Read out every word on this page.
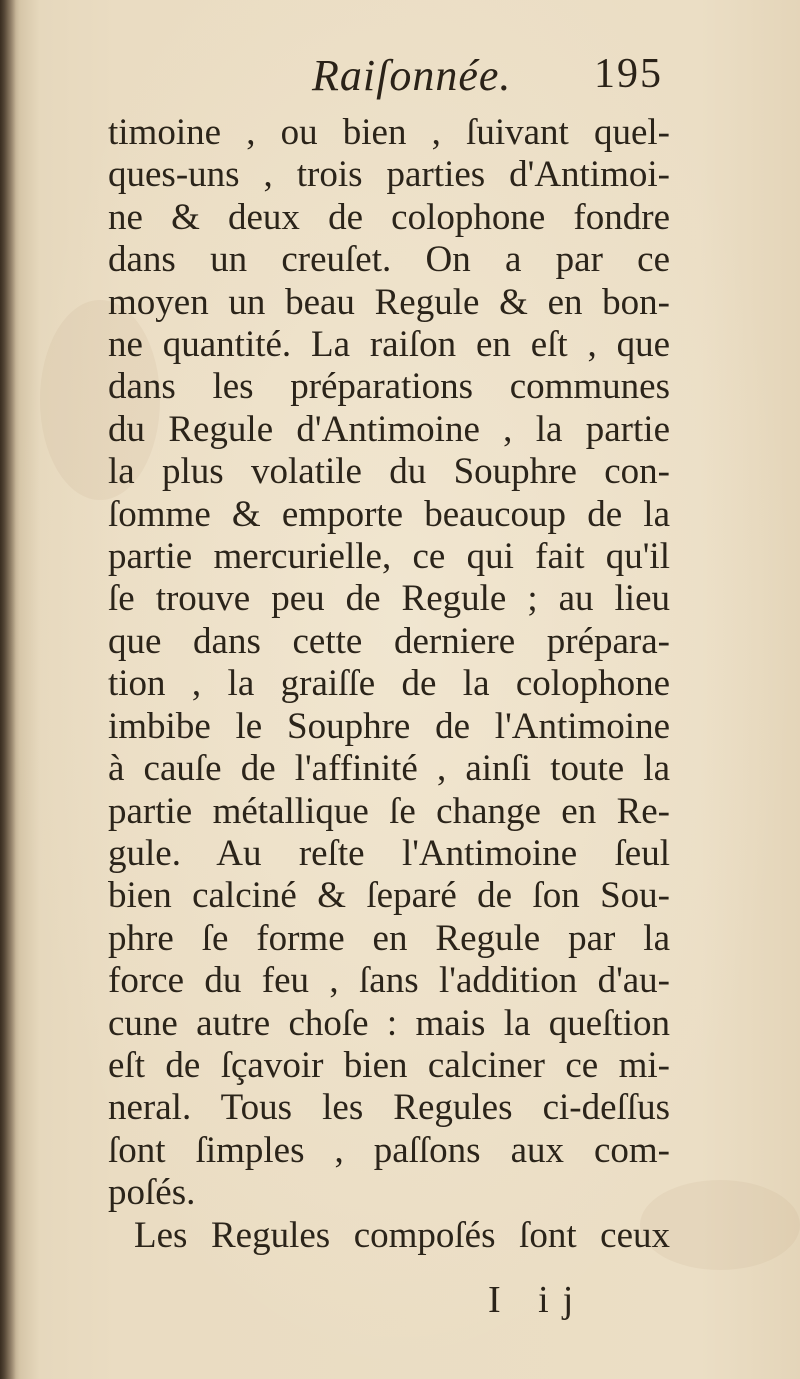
Raiſonnée. 195
timoine , ou bien , ſuivant quel-
ques-uns , trois parties d'Antimoi-
ne & deux de colophone fondre
dans un creuſet. On a par ce
moyen un beau Regule & en bon-
ne quantité. La raiſon en eſt , que
dans les préparations communes
du Regule d'Antimoine , la partie
la plus volatile du Souphre con-
ſomme & emporte beaucoup de la
partie mercurielle, ce qui fait qu'il
ſe trouve peu de Regule ; au lieu
que dans cette derniere prépara-
tion , la graiſſe de la colophone
imbibe le Souphre de l'Antimoine
à cauſe de l'affinité , ainſi toute la
partie métallique ſe change en Re-
gule. Au reſte l'Antimoine ſeul
bien calciné & ſeparé de ſon Sou-
phre ſe forme en Regule par la
force du feu , ſans l'addition d'au-
cune autre choſe : mais la queſtion
eſt de ſçavoir bien calciner ce mi-
neral. Tous les Regules ci-deſſus
ſont ſimples , paſſons aux com-
poſés.
Les Regules compoſés ſont ceux
I ij
